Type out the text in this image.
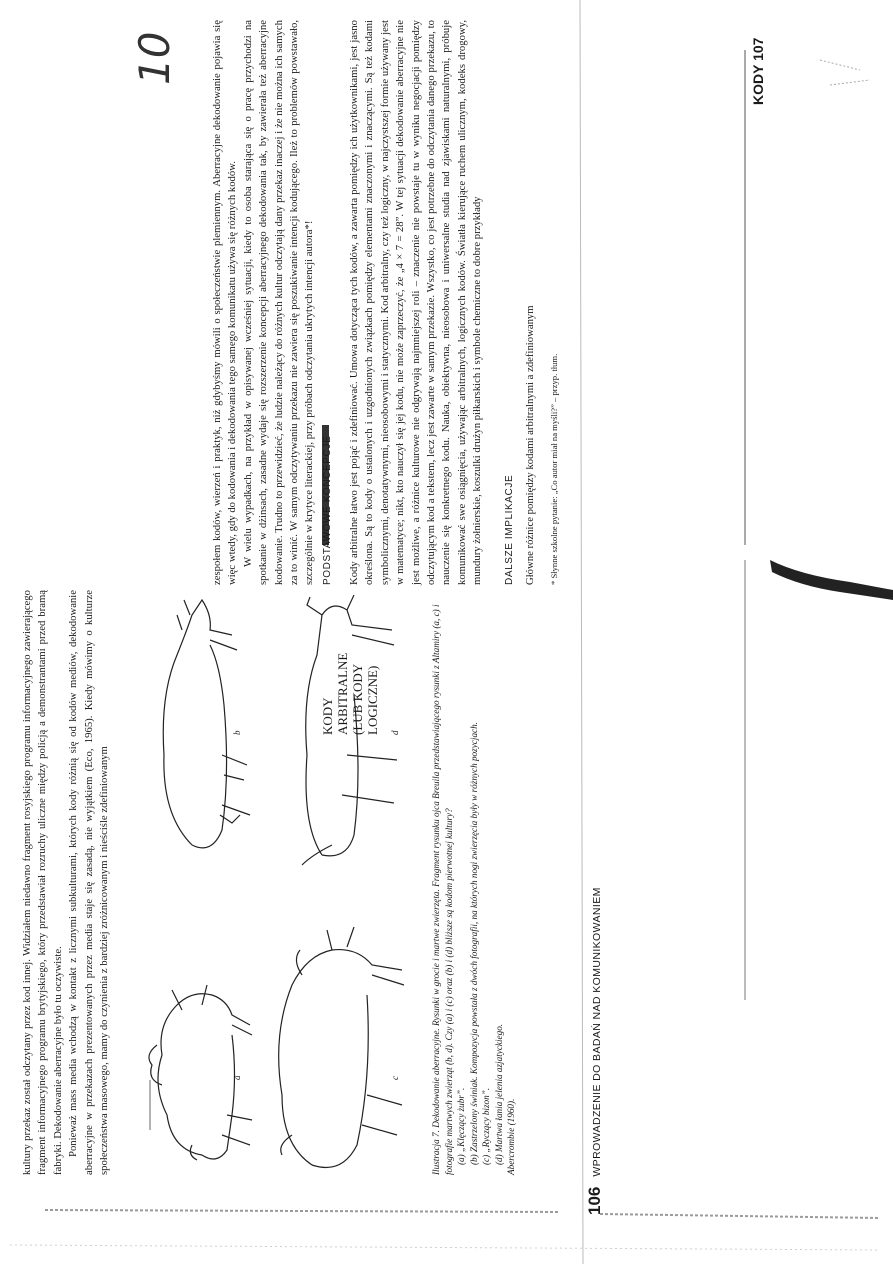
kultury przekaz został odczytany przez kod innej. Widziałem niedawno fragment rosyjskiego programu informacyjnego zawierającego fragment informacyjnego programu brytyjskiego, który przedstawiał rozruchy uliczne między policją a demonstrantami przed bramą fabryki. Dekodowanie aberracyjne było tu oczywiste. Ponieważ mass media wchodzą w kontakt z licznymi subkulturami, których kody różnią się od kodów mediów, dekodowanie aberracyjne w przekazach prezentowanych przez media staje się zasadą, nie wyjątkiem (Eco, 1965). Kiedy mówimy o kulturze społeczeństwa masowego, mamy do czynienia z bardziej zróżnicowanym i nieściśle zdefiniowanym	a
b
c
d	Ilustracja 7. Dekodowanie aberracyjne. Rysunki w grocie i martwe zwierzęta. Fragment rysunku ojca Breuila przedstawiającego rysunki z Altamiry (a, c) i fotografie martwych zwierząt (b, d). Czy (a) i (c) oraz (b) i (d) bliższe są kodom pierwotnej kultury? (a) „Klęczący żubr”. (b) Zastrzelony świniak. Kompozycja powstała z dwóch fotografii, na których nogi zwierzęcia były w różnych pozycjach. (c) „Ryczący bizon”. (d) Martwa łania jelenia azjatyckiego. Abercrombie (1960).

106 WPROWADZENIE DO BADAŃ NAD KOMUNIKOWANIEM

zespołem kodów, wierzeń i praktyk, niż gdybyśmy mówili o społeczeństwie plemiennym. Aberracyjne dekodowanie pojawia się więc wtedy, gdy do kodowania i dekodowania tego samego komunikatu używa się różnych kodów. W wielu wypadkach, na przykład w opisywanej wcześniej sytuacji, kiedy to osoba starająca się o pracę przychodzi na spotkanie w dżinsach, zasadne wydaje się rozszerzenie koncepcji aberracyjnego dekodowania tak, by zawierała też aberracyjne kodowanie. Trudno to przewidzieć, że ludzie należący do różnych kultur odczytają dany przekaz inaczej i że nie można ich samych za to winić. W samym odczytywaniu przekazu nie zawiera się poszukiwanie intencji kodującego. Ileż to problemów powstawało, szczególnie w krytyce literackiej, przy próbach odczytania ukrytych intencji autora*!

KODY ARBITRALNE (LUB KODY LOGICZNE)
PODSTAWOWE KONCEPCJE Kody arbitralne łatwo jest pojąć i zdefiniować. Umowa dotycząca tych kodów, a zawarta pomiędzy ich użytkownikami, jest jasno określona. Są to kody o ustalonych i uzgodnionych związkach pomiędzy elementami znaczonymi i znaczącymi. Są też kodami symbolicznymi, denotatywnymi, nieosobowymi i statycznymi. Kod arbitralny, czy też logiczny, w najczystszej formie używany jest w matematyce; nikt, kto nauczył się jej kodu, nie może zaprzeczyć, że „4 × 7 = 28”. W tej sytuacji dekodowanie aberracyjne nie jest możliwe, a różnice kulturowe nie odgrywają najmniejszej roli – znaczenie nie powstaje tu w wyniku negocjacji pomiędzy odczytującym kod a tekstem, lecz jest zawarte w samym przekazie. Wszystko, co jest potrzebne do odczytania danego przekazu, to nauczenie się konkretnego kodu. Nauka, obiektywna, nieosobowa i uniwersalne studia nad zjawiskami naturalnymi, próbuje komunikować swe osiągnięcia, używając arbitralnych, logicznych kodów. Światła kierujące ruchem ulicznym, kodeks drogowy, mundury żołnierskie, koszulki drużyn piłkarskich i symbole chemiczne to dobre przykłady DALSZE IMPLIKACJE Główne różnice pomiędzy kodami arbitralnymi a zdefiniowanym * Słynne szkolne pytanie: „Co autor miał na myśli?” – przyp. tłum.

KODY 107
10
